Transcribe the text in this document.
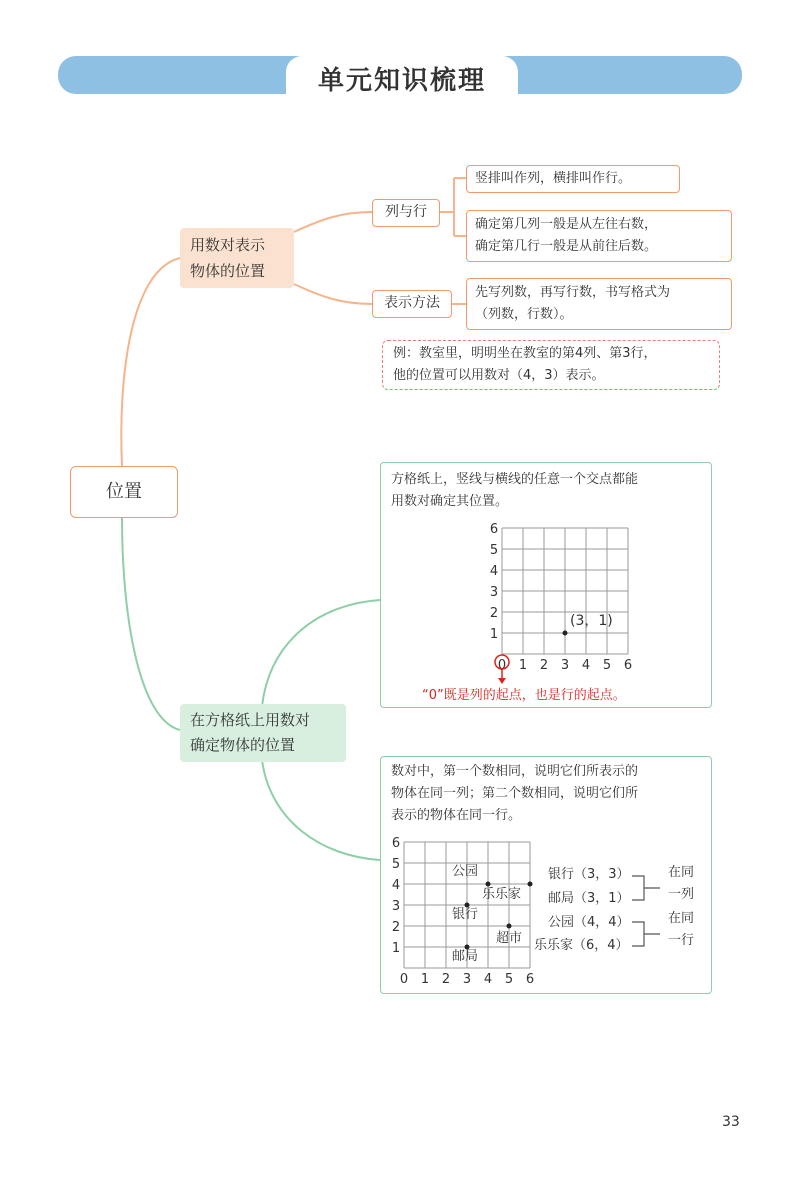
单元知识梳理
位置
用数对表示
物体的位置
列与行
竖排叫作列，横排叫作行。
确定第几列一般是从左往右数，
确定第几行一般是从前往后数。
表示方法
先写列数，再写行数，书写格式为
（列数，行数）。
例：教室里，明明坐在教室的第4列、第3行，
他的位置可以用数对（4，3）表示。
在方格纸上用数对
确定物体的位置
方格纸上，竖线与横线的任意一个交点都能
用数对确定其位置。
0 1
1
2
2
3
3
4
4
5
5
6
6
(3，1)
“0”既是列的起点，也是行的起点。
数对中，第一个数相同，说明它们所表示的
物体在同一列；第二个数相同，说明它们所
表示的物体在同一行。
0 1
1
2
2
3
3
4
4
5
5
6
6
公园
乐乐家
银行
超市
邮局
银行（3，3）
邮局（3，1）
公园（4，4）
乐乐家（6，4）
在同
一列
在同
一行
33
